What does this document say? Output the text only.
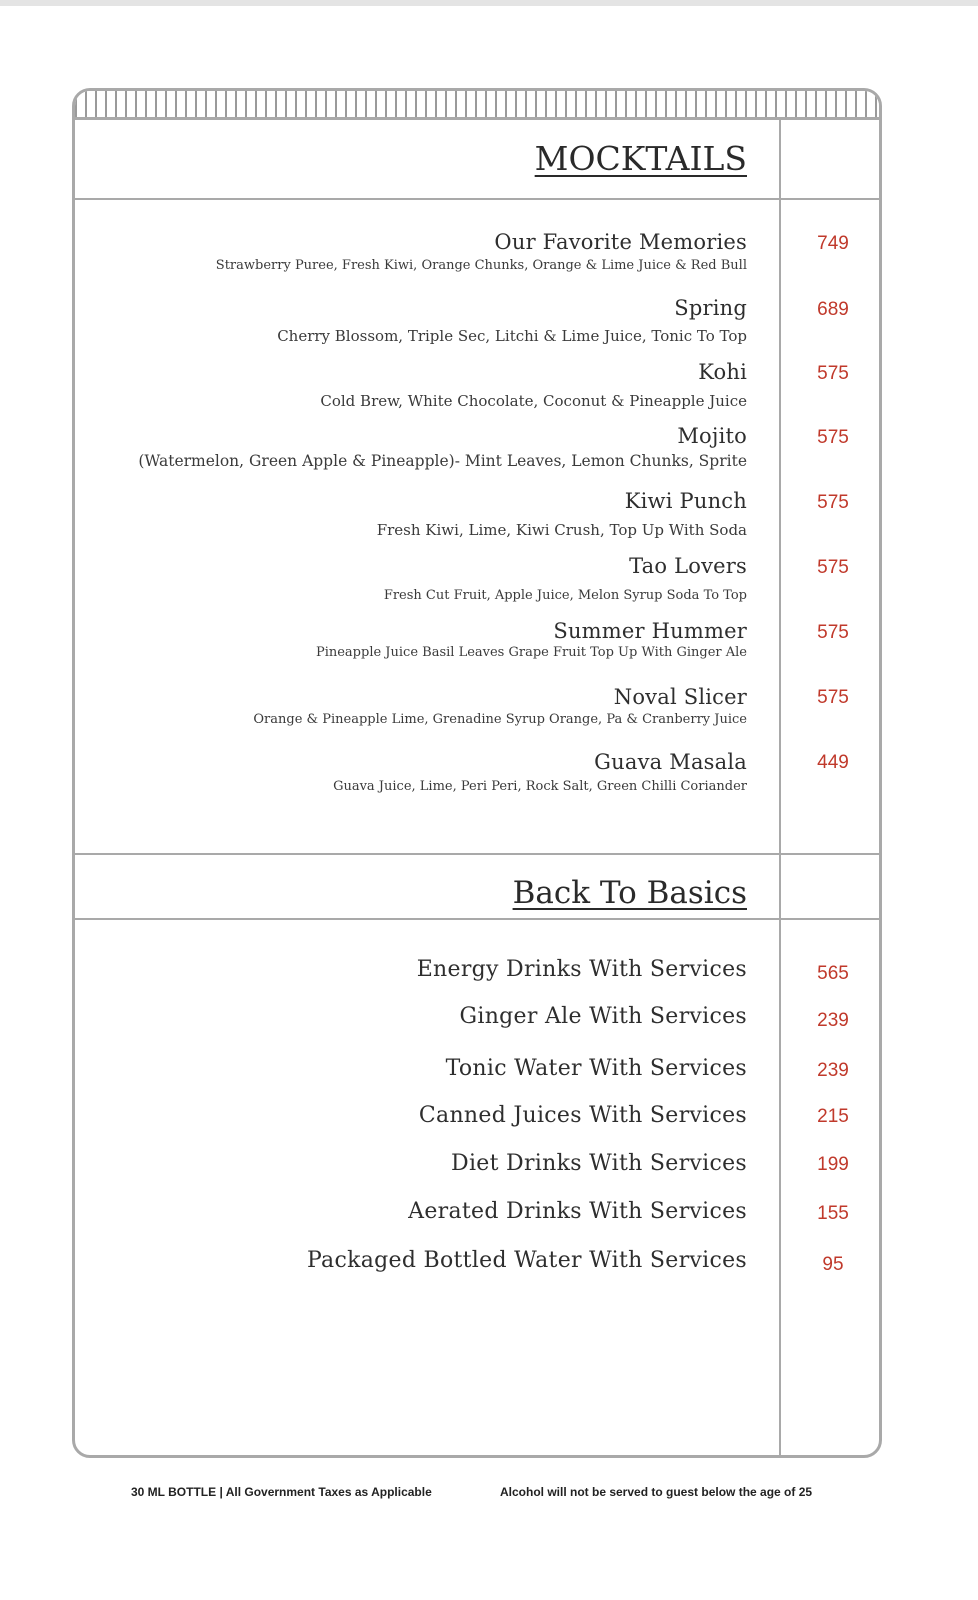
MOCKTAILS
Our Favorite Memories
Strawberry Puree, Fresh Kiwi, Orange Chunks, Orange & Lime Juice & Red Bull
749
Spring
Cherry Blossom, Triple Sec, Litchi & Lime Juice, Tonic To Top
689
Kohi
Cold Brew, White Chocolate, Coconut & Pineapple Juice
575
Mojito
(Watermelon, Green Apple & Pineapple)- Mint Leaves, Lemon Chunks, Sprite
575
Kiwi Punch
Fresh Kiwi, Lime, Kiwi Crush, Top Up With Soda
575
Tao Lovers
Fresh Cut Fruit, Apple Juice, Melon Syrup Soda To Top
575
Summer Hummer
Pineapple Juice Basil Leaves Grape Fruit Top Up With Ginger Ale
575
Noval Slicer
Orange & Pineapple Lime, Grenadine Syrup Orange, Pa & Cranberry Juice
575
Guava Masala
Guava Juice, Lime, Peri Peri, Rock Salt, Green Chilli Coriander
449
Back To Basics
Energy Drinks With Services	565
Ginger Ale With Services	239
Tonic Water With Services	239
Canned Juices With Services	215
Diet Drinks With Services	199
Aerated Drinks With Services	155
Packaged Bottled Water With Services	95
30 ML BOTTLE | All Government Taxes as Applicable	Alcohol will not be served to guest below the age of 25
